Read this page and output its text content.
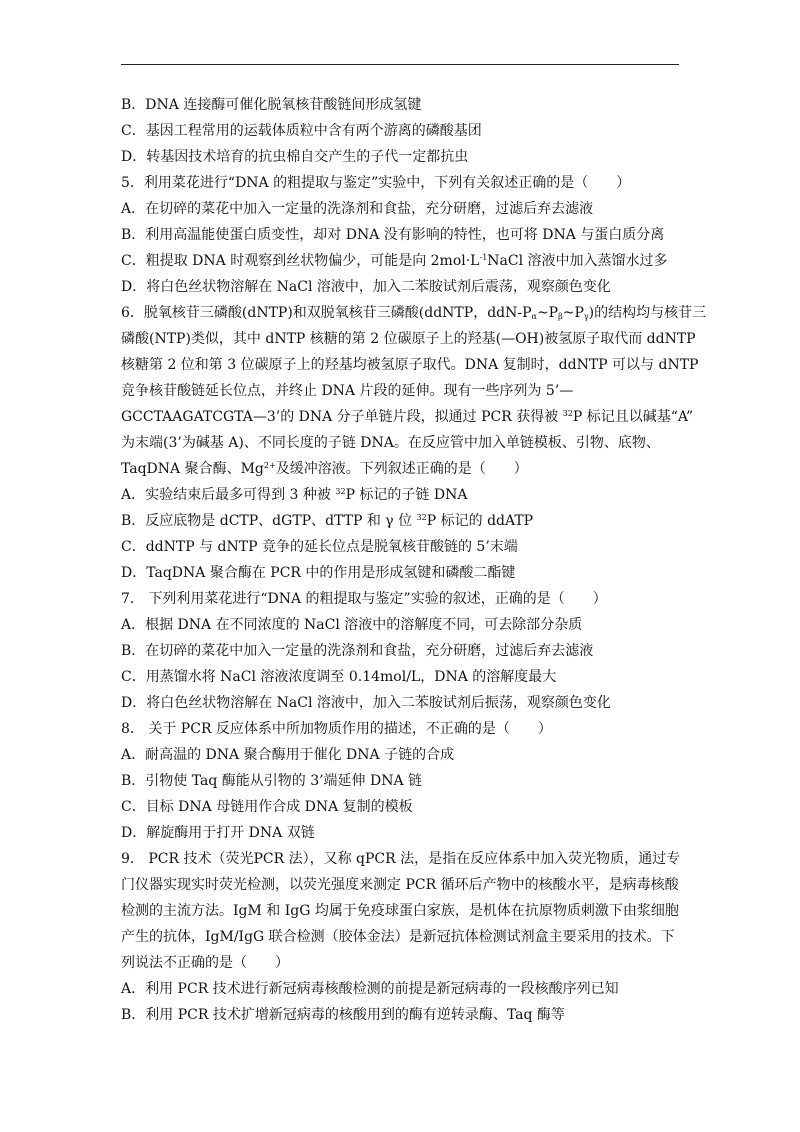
B．DNA 连接酶可催化脱氧核苷酸链间形成氢键
C．基因工程常用的运载体质粒中含有两个游离的磷酸基团
D．转基因技术培育的抗虫棉自交产生的子代一定都抗虫
5．利用菜花进行“DNA 的粗提取与鉴定”实验中，下列有关叙述正确的是（　　）
A．在切碎的菜花中加入一定量的洗涤剂和食盐，充分研磨，过滤后弃去滤液
B．利用高温能使蛋白质变性，却对 DNA 没有影响的特性，也可将 DNA 与蛋白质分离
C．粗提取 DNA 时观察到丝状物偏少，可能是向 $2mol\cdot L^{-1}NaCl$ 溶液中加入蒸馏水过多
D．将白色丝状物溶解在 NaCl 溶液中，加入二苯胺试剂后震荡，观察颜色变化
6．脱氧核苷三磷酸(dNTP)和双脱氧核苷三磷酸(ddNTP，ddN-$P_\alpha\sim P_\beta\sim P_\gamma$)的结构均与核苷三
磷酸(NTP)类似，其中 dNTP 核糖的第 2 位碳原子上的羟基(—OH)被氢原子取代而 ddNTP
核糖第 2 位和第 3 位碳原子上的羟基均被氢原子取代。DNA 复制时，ddNTP 可以与 dNTP
竞争核苷酸链延长位点，并终止 DNA 片段的延伸。现有一些序列为 5’—
GCCTAAGATCGTA—3’的 DNA 分子单链片段，拟通过 PCR 获得被 $^{32}$P 标记且以碱基“A”
为末端(3’为碱基 A)、不同长度的子链 DNA。在反应管中加入单链模板、引物、底物、
TaqDNA 聚合酶、$Mg^{2+}$及缓冲溶液。下列叙述正确的是（　　）
A．实验结束后最多可得到 3 种被 $^{32}$P 标记的子链 DNA
B．反应底物是 dCTP、dGTP、dTTP 和 γ 位 $^{32}$P 标记的 ddATP
C．ddNTP 与 dNTP 竞争的延长位点是脱氧核苷酸链的 5’末端
D．TaqDNA 聚合酶在 PCR 中的作用是形成氢键和磷酸二酯键
7． 下列利用菜花进行“DNA 的粗提取与鉴定”实验的叙述，正确的是（　　）
A．根据 DNA 在不同浓度的 NaCl 溶液中的溶解度不同，可去除部分杂质
B．在切碎的菜花中加入一定量的洗涤剂和食盐，充分研磨，过滤后弃去滤液
C．用蒸馏水将 NaCl 溶液浓度调至 0.14mol/L，DNA 的溶解度最大
D．将白色丝状物溶解在 NaCl 溶液中，加入二苯胺试剂后振荡，观察颜色变化
8． 关于 PCR 反应体系中所加物质作用的描述，不正确的是（　　）
A．耐高温的 DNA 聚合酶用于催化 DNA 子链的合成
B．引物使 Taq 酶能从引物的 3’端延伸 DNA 链
C．目标 DNA 母链用作合成 DNA 复制的模板
D．解旋酶用于打开 DNA 双链
9． PCR 技术（荧光PCR 法），又称 qPCR 法，是指在反应体系中加入荧光物质，通过专
门仪器实现实时荧光检测，以荧光强度来测定 PCR 循环后产物中的核酸水平，是病毒核酸
检测的主流方法。IgM 和 IgG 均属于免疫球蛋白家族，是机体在抗原物质刺激下由浆细胞
产生的抗体，IgM/IgG 联合检测（胶体金法）是新冠抗体检测试剂盒主要采用的技术。下
列说法不正确的是（　　）
A．利用 PCR 技术进行新冠病毒核酸检测的前提是新冠病毒的一段核酸序列已知
B．利用 PCR 技术扩增新冠病毒的核酸用到的酶有逆转录酶、Taq 酶等
